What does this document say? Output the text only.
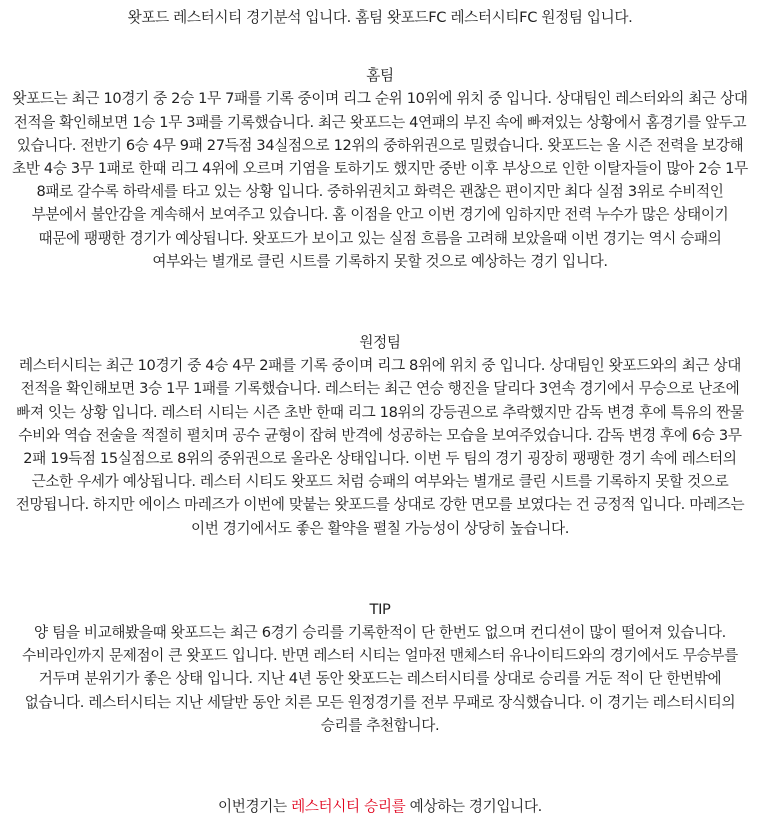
왓포드 레스터시티 경기분석 입니다. 홈팀 왓포드FC 레스터시티FC 원정팀 입니다.

홈팀

왓포드는 최근 10경기 중 2승 1무 7패를 기록 중이며 리그 순위 10위에 위치 중 입니다. 상대팀인 레스터와의 최근 상대 전적을 확인해보면 1승 1무 3패를 기록했습니다. 최근 왓포드는 4연패의 부진 속에 빠져있는 상황에서 홈경기를 앞두고 있습니다. 전반기 6승 4무 9패 27득점 34실점으로 12위의 중하위권으로 밀렸습니다. 왓포드는 올 시즌 전력을 보강해 초반 4승 3무 1패로 한때 리그 4위에 오르며 기염을 토하기도 했지만 중반 이후 부상으로 인한 이탈자들이 많아 2승 1무 8패로 갈수록 하락세를 타고 있는 상황 입니다. 중하위권치고 화력은 괜찮은 편이지만 최다 실점 3위로 수비적인 부분에서 불안감을 계속해서 보여주고 있습니다. 홈 이점을 안고 이번 경기에 임하지만 전력 누수가 많은 상태이기 때문에 팽팽한 경기가 예상됩니다. 왓포드가 보이고 있는 실점 흐름을 고려해 보았을때 이번 경기는 역시 승패의 여부와는 별개로 클린 시트를 기록하지 못할 것으로 예상하는 경기 입니다.

원정팀

레스터시티는 최근 10경기 중 4승 4무 2패를 기록 중이며 리그 8위에 위치 중 입니다. 상대팀인 왓포드와의 최근 상대 전적을 확인해보면 3승 1무 1패를 기록했습니다. 레스터는 최근 연승 행진을 달리다 3연속 경기에서 무승으로 난조에 빠져 잇는 상황 입니다. 레스터 시티는 시즌 초반 한때 리그 18위의 강등권으로 추락했지만 감독 변경 후에 특유의 짠물 수비와 역습 전술을 적절히 펼치며 공수 균형이 잡혀 반격에 성공하는 모습을 보여주었습니다. 감독 변경 후에 6승 3무 2패 19득점 15실점으로 8위의 중위권으로 올라온 상태입니다. 이번 두 팀의 경기 굉장히 팽팽한 경기 속에 레스터의 근소한 우세가 예상됩니다. 레스터 시티도 왓포드 처럼 승패의 여부와는 별개로 클린 시트를 기록하지 못할 것으로 전망됩니다. 하지만 에이스 마레즈가 이번에 맞붙는 왓포드를 상대로 강한 면모를 보였다는 건 긍정적 입니다. 마레즈는 이번 경기에서도 좋은 활약을 펼칠 가능성이 상당히 높습니다.

TIP

양 팀을 비교해봤을때 왓포드는 최근 6경기 승리를 기록한적이 단 한번도 없으며 컨디션이 많이 떨어져 있습니다. 수비라인까지 문제점이 큰 왓포드 입니다. 반면 레스터 시티는 얼마전 맨체스터 유나이티드와의 경기에서도 무승부를 거두며 분위기가 좋은 상태 입니다. 지난 4년 동안 왓포드는 레스터시티를 상대로 승리를 거둔 적이 단 한번밖에 없습니다. 레스터시티는 지난 세달반 동안 치른 모든 원정경기를 전부 무패로 장식했습니다. 이 경기는 레스터시티의 승리를 추천합니다.

이번경기는 레스터시티 승리를 예상하는 경기입니다.
